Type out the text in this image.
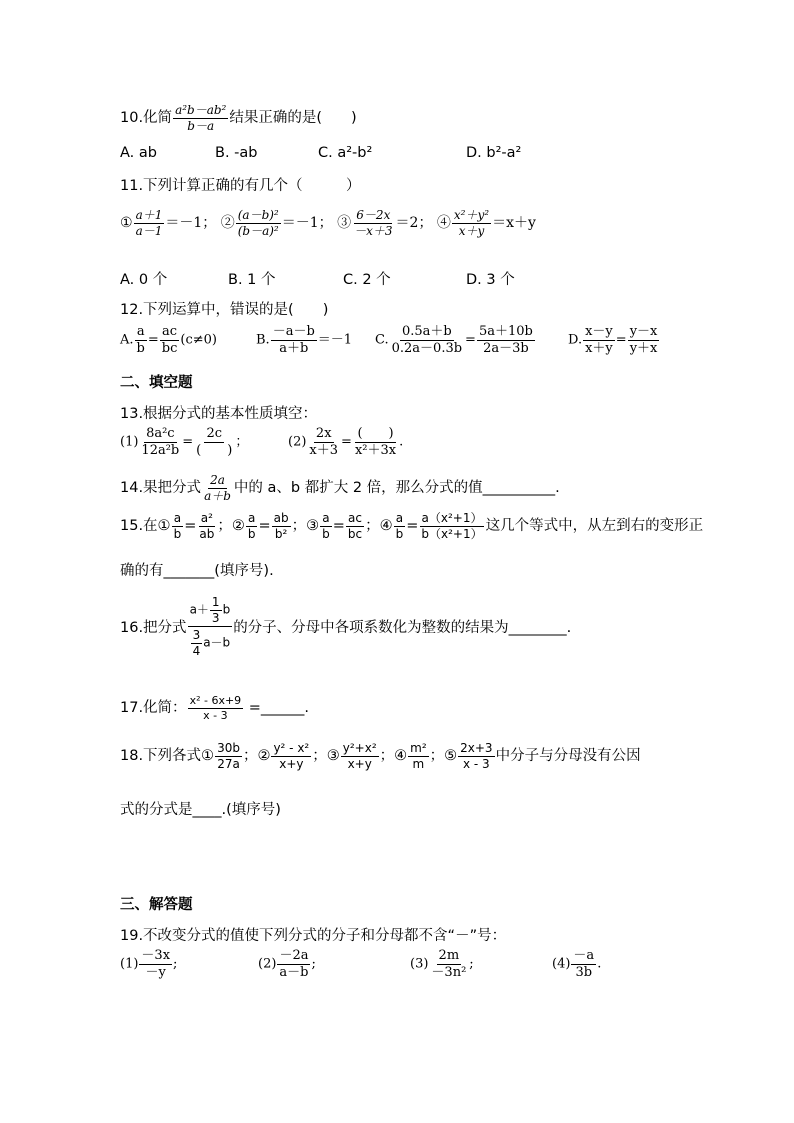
10.化简 $\frac{\text{a²b－ab²}}{b-a}$ 结果正确的是(　　)
A. ab	B. -ab	C. a²-b²	D. b²-a²
11.下列计算正确的有几个（　　　）
① $\frac{a+1}{a-1} =-1$； ② $\frac{\text{(a－b)²}}{\text{(b－a)²}} =-1$； ③ $\frac{6-2x}{-x+3} =2$； ④ $\frac{\text{x²＋y²}}{x+y} =x+y$
A. 0 个	B. 1 个	C. 2 个	D. 3 个
12.下列运算中，错误的是(　　)
A. $\frac{a}{b} = \frac{ac}{bc} (c\ne 0)$	B. $\frac{-a-b}{a+b} =-1$ C. $\frac{0.5a+b}{0.2a-0.3b} = \frac{5a+10b}{2a-3b}$	D. $\frac{x-y}{x+y} = \frac{y-x}{y+x}$
二、填空题
13.根据分式的基本性质填空：
$(1) \frac{\text{8a²c}}{\text{12a²b}}$ =
2c
(　　)
；	$(2) \frac{2x}{x+3}$ =
(　　)
x²＋3x
.
14.果把分式 $\frac{2a}{a+b}$ 中的 a、b 都扩大 2 倍，那么分式的值__________.
15.在① $\frac{a}{b} = \frac{\text{a²}}{ab}$ ；② $\frac{a}{b} = \frac{ab}{\text{b²}}$ ；③ $\frac{a}{b} = \frac{ac}{bc}$ ；④ $\frac{a}{b} = \frac{\text{a（x²+1）}}{\text{b（x²+1）}}$ 这几个等式中，从左到右的变形正
确的有_______(填序号).
16.把分式 $\frac{a+ \frac{1}{3} b}{\frac{3}{4} a-b}$ 的分子、分母中各项系数化为整数的结果为________.
17.化简： $\frac{\text{x² - 6x+9}}{x - 3}$ =______.
18.下列各式① $\frac{30b}{27a}$ ；② $\frac{\text{y² - x²}}{x+y}$ ；③ $\frac{\text{y²+x²}}{x+y}$ ；④ $\frac{\text{m²}}{m}$ ；⑤ $\frac{2x+3}{x - 3}$ 中分子与分母没有公因
式的分式是____.(填序号)
三、解答题
19.不改变分式的值使下列分式的分子和分母都不含“－”号：
$(1) \frac{-3x}{-y}$ ;	$(2) \frac{-2a}{a-b}$ ;	$(3) \frac{2m}{\text{－3n²}}$ ;	$(4) \frac{-a}{3b}$ .
